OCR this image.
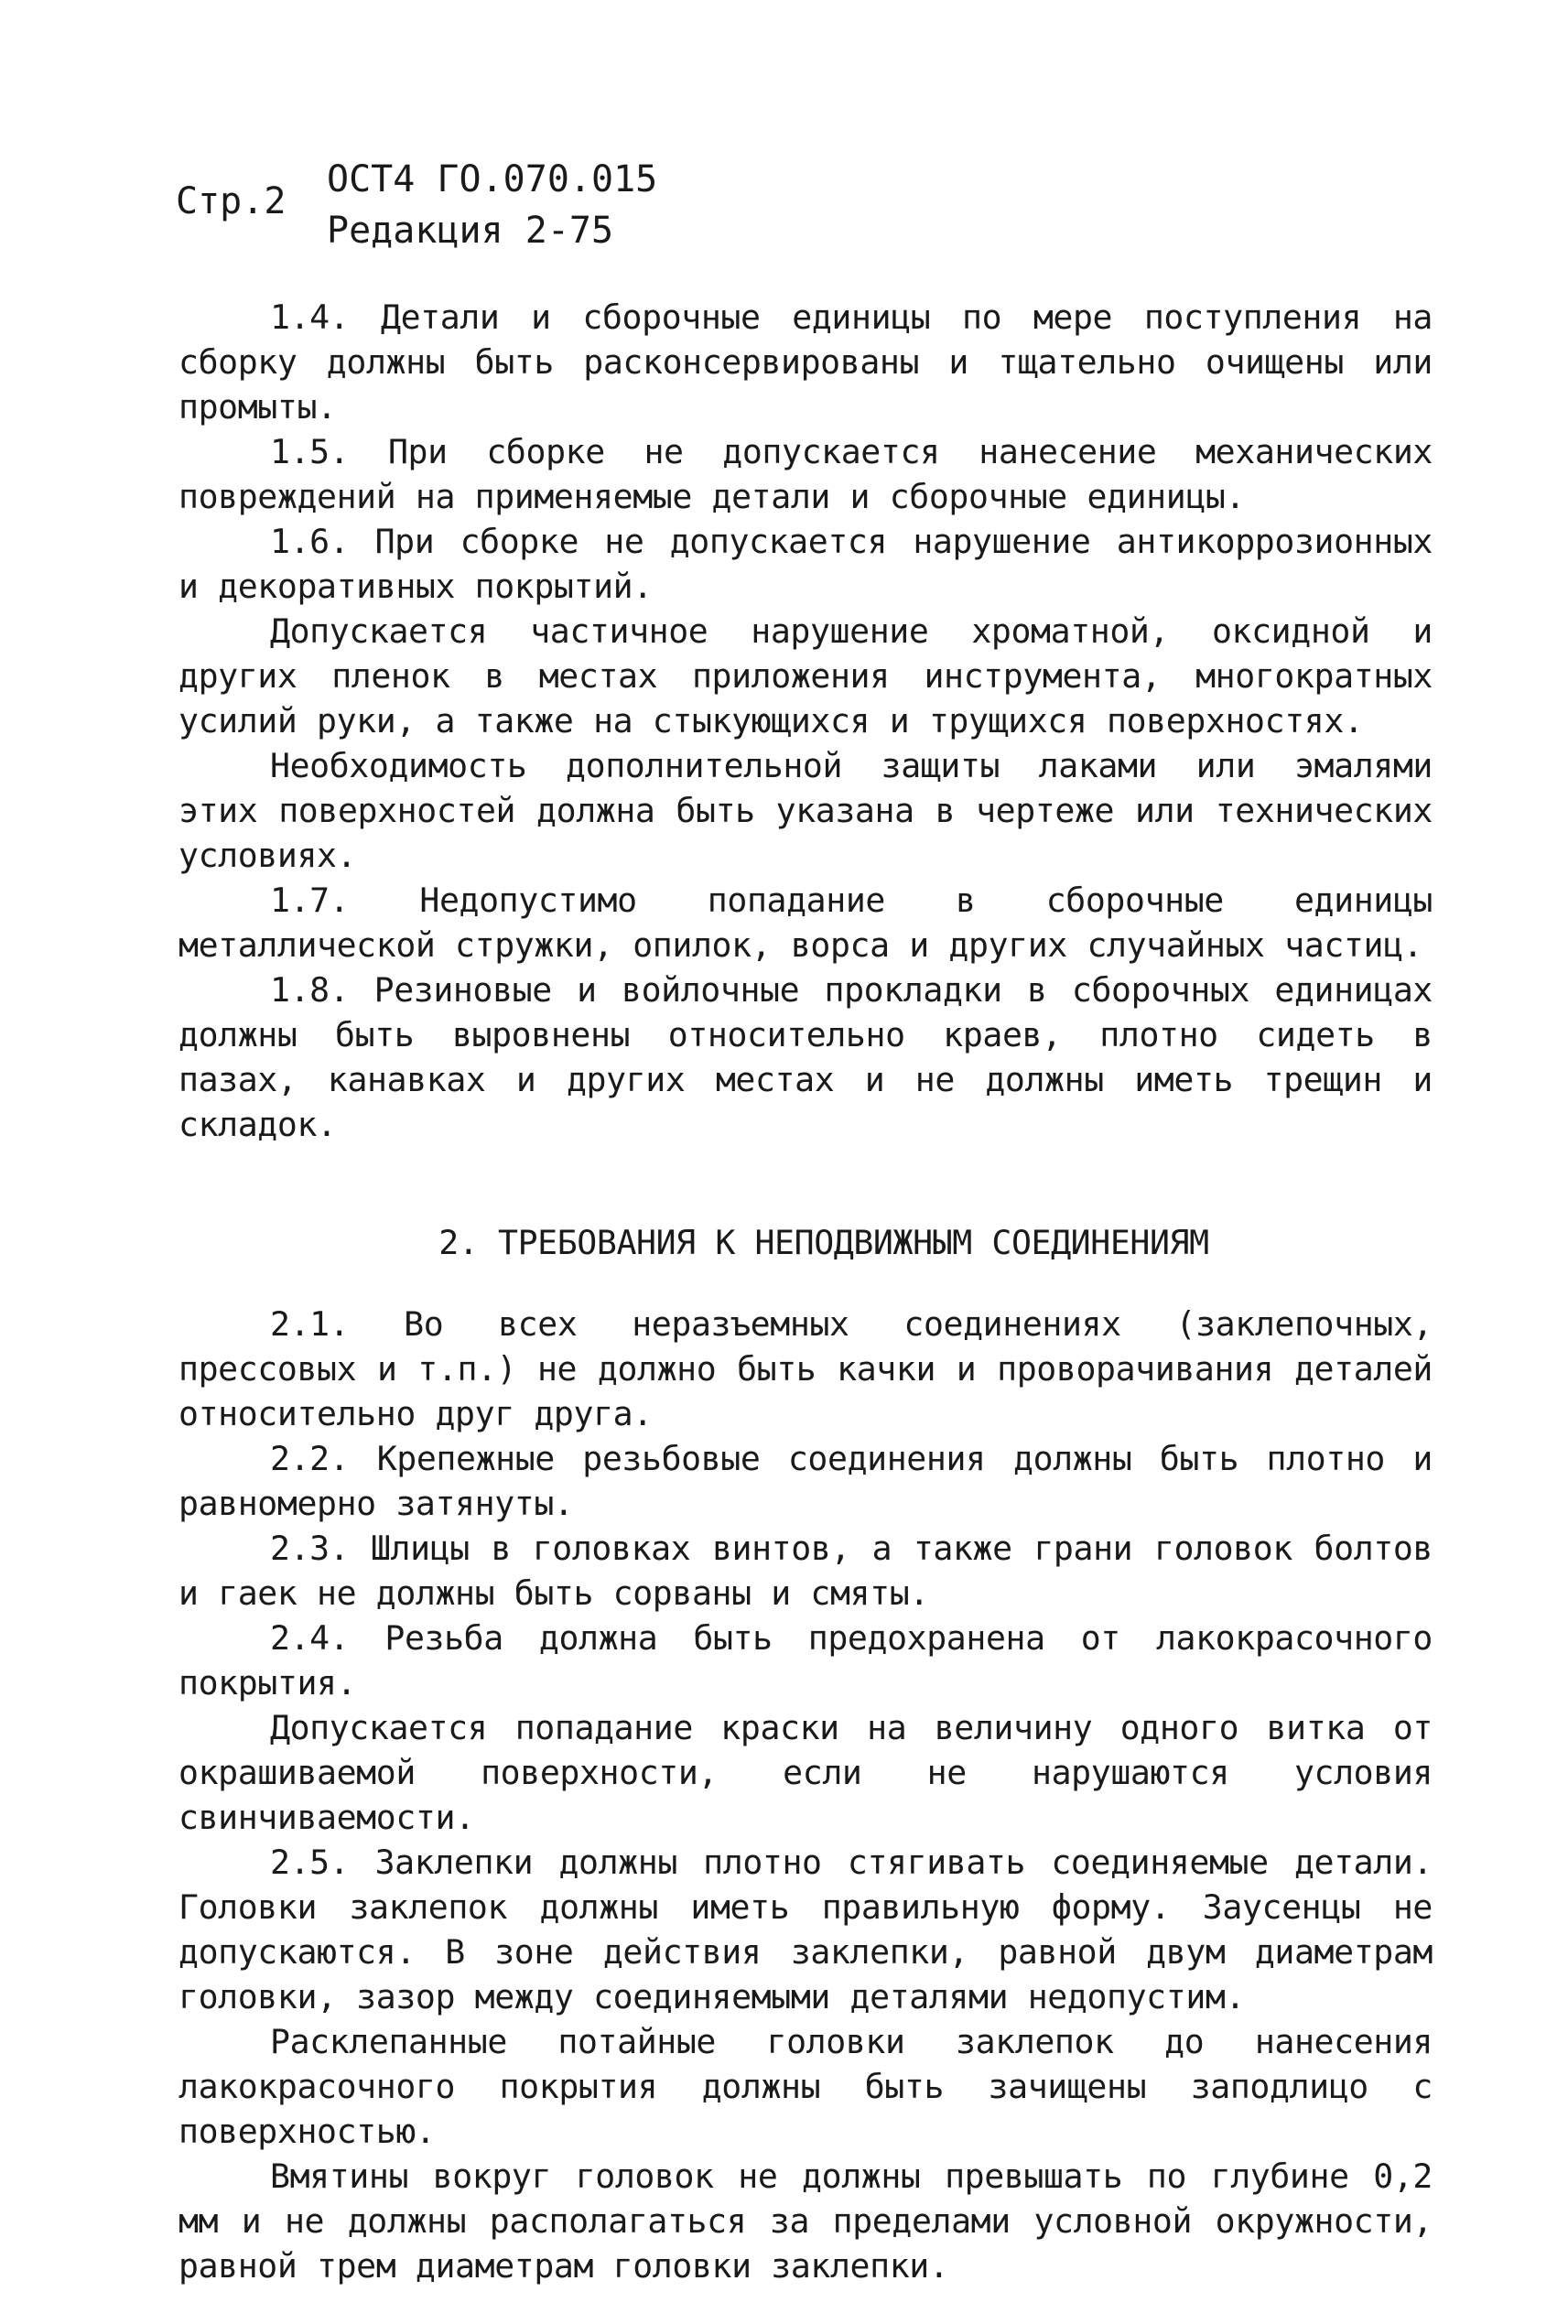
Стр.2
ОСТ4 ГО.070.015
Редакция 2-75

1.4. Детали и сборочные единицы по мере поступления на сборку должны быть расконсервированы и тщательно очищены или промыты.

1.5. При сборке не допускается нанесение механических повреждений на применяемые детали и сборочные единицы.

1.6. При сборке не допускается нарушение антикоррозионных и декоративных покрытий.

Допускается частичное нарушение хроматной, оксидной и других пленок в местах приложения инструмента, многократных усилий руки, а также на стыкующихся и трущихся поверхностях.

Необходимость дополнительной защиты лаками или эмалями этих поверхностей должна быть указана в чертеже или технических условиях.

1.7. Недопустимо попадание в сборочные единицы металлической стружки, опилок, ворса и других случайных частиц.

1.8. Резиновые и войлочные прокладки в сборочных единицах должны быть выровнены относительно краев, плотно сидеть в пазах, канавках и других местах и не должны иметь трещин и складок.

2. ТРЕБОВАНИЯ К НЕПОДВИЖНЫМ СОЕДИНЕНИЯМ

2.1. Во всех неразъемных соединениях (заклепочных, прессовых и т.п.) не должно быть качки и проворачивания деталей относительно друг друга.

2.2. Крепежные резьбовые соединения должны быть плотно и равномерно затянуты.

2.3. Шлицы в головках винтов, а также грани головок болтов и гаек не должны быть сорваны и смяты.

2.4. Резьба должна быть предохранена от лакокрасочного покрытия.

Допускается попадание краски на величину одного витка от окрашиваемой поверхности, если не нарушаются условия свинчиваемости.

2.5. Заклепки должны плотно стягивать соединяемые детали. Головки заклепок должны иметь правильную форму. Заусенцы не допускаются. В зоне действия заклепки, равной двум диаметрам головки, зазор между соединяемыми деталями недопустим.

Расклепанные потайные головки заклепок до нанесения лакокрасочного покрытия должны быть зачищены заподлицо с поверхностью.

Вмятины вокруг головок не должны превышать по глубине 0,2 мм и не должны располагаться за пределами условной окружности, равной трем диаметрам головки заклепки.
